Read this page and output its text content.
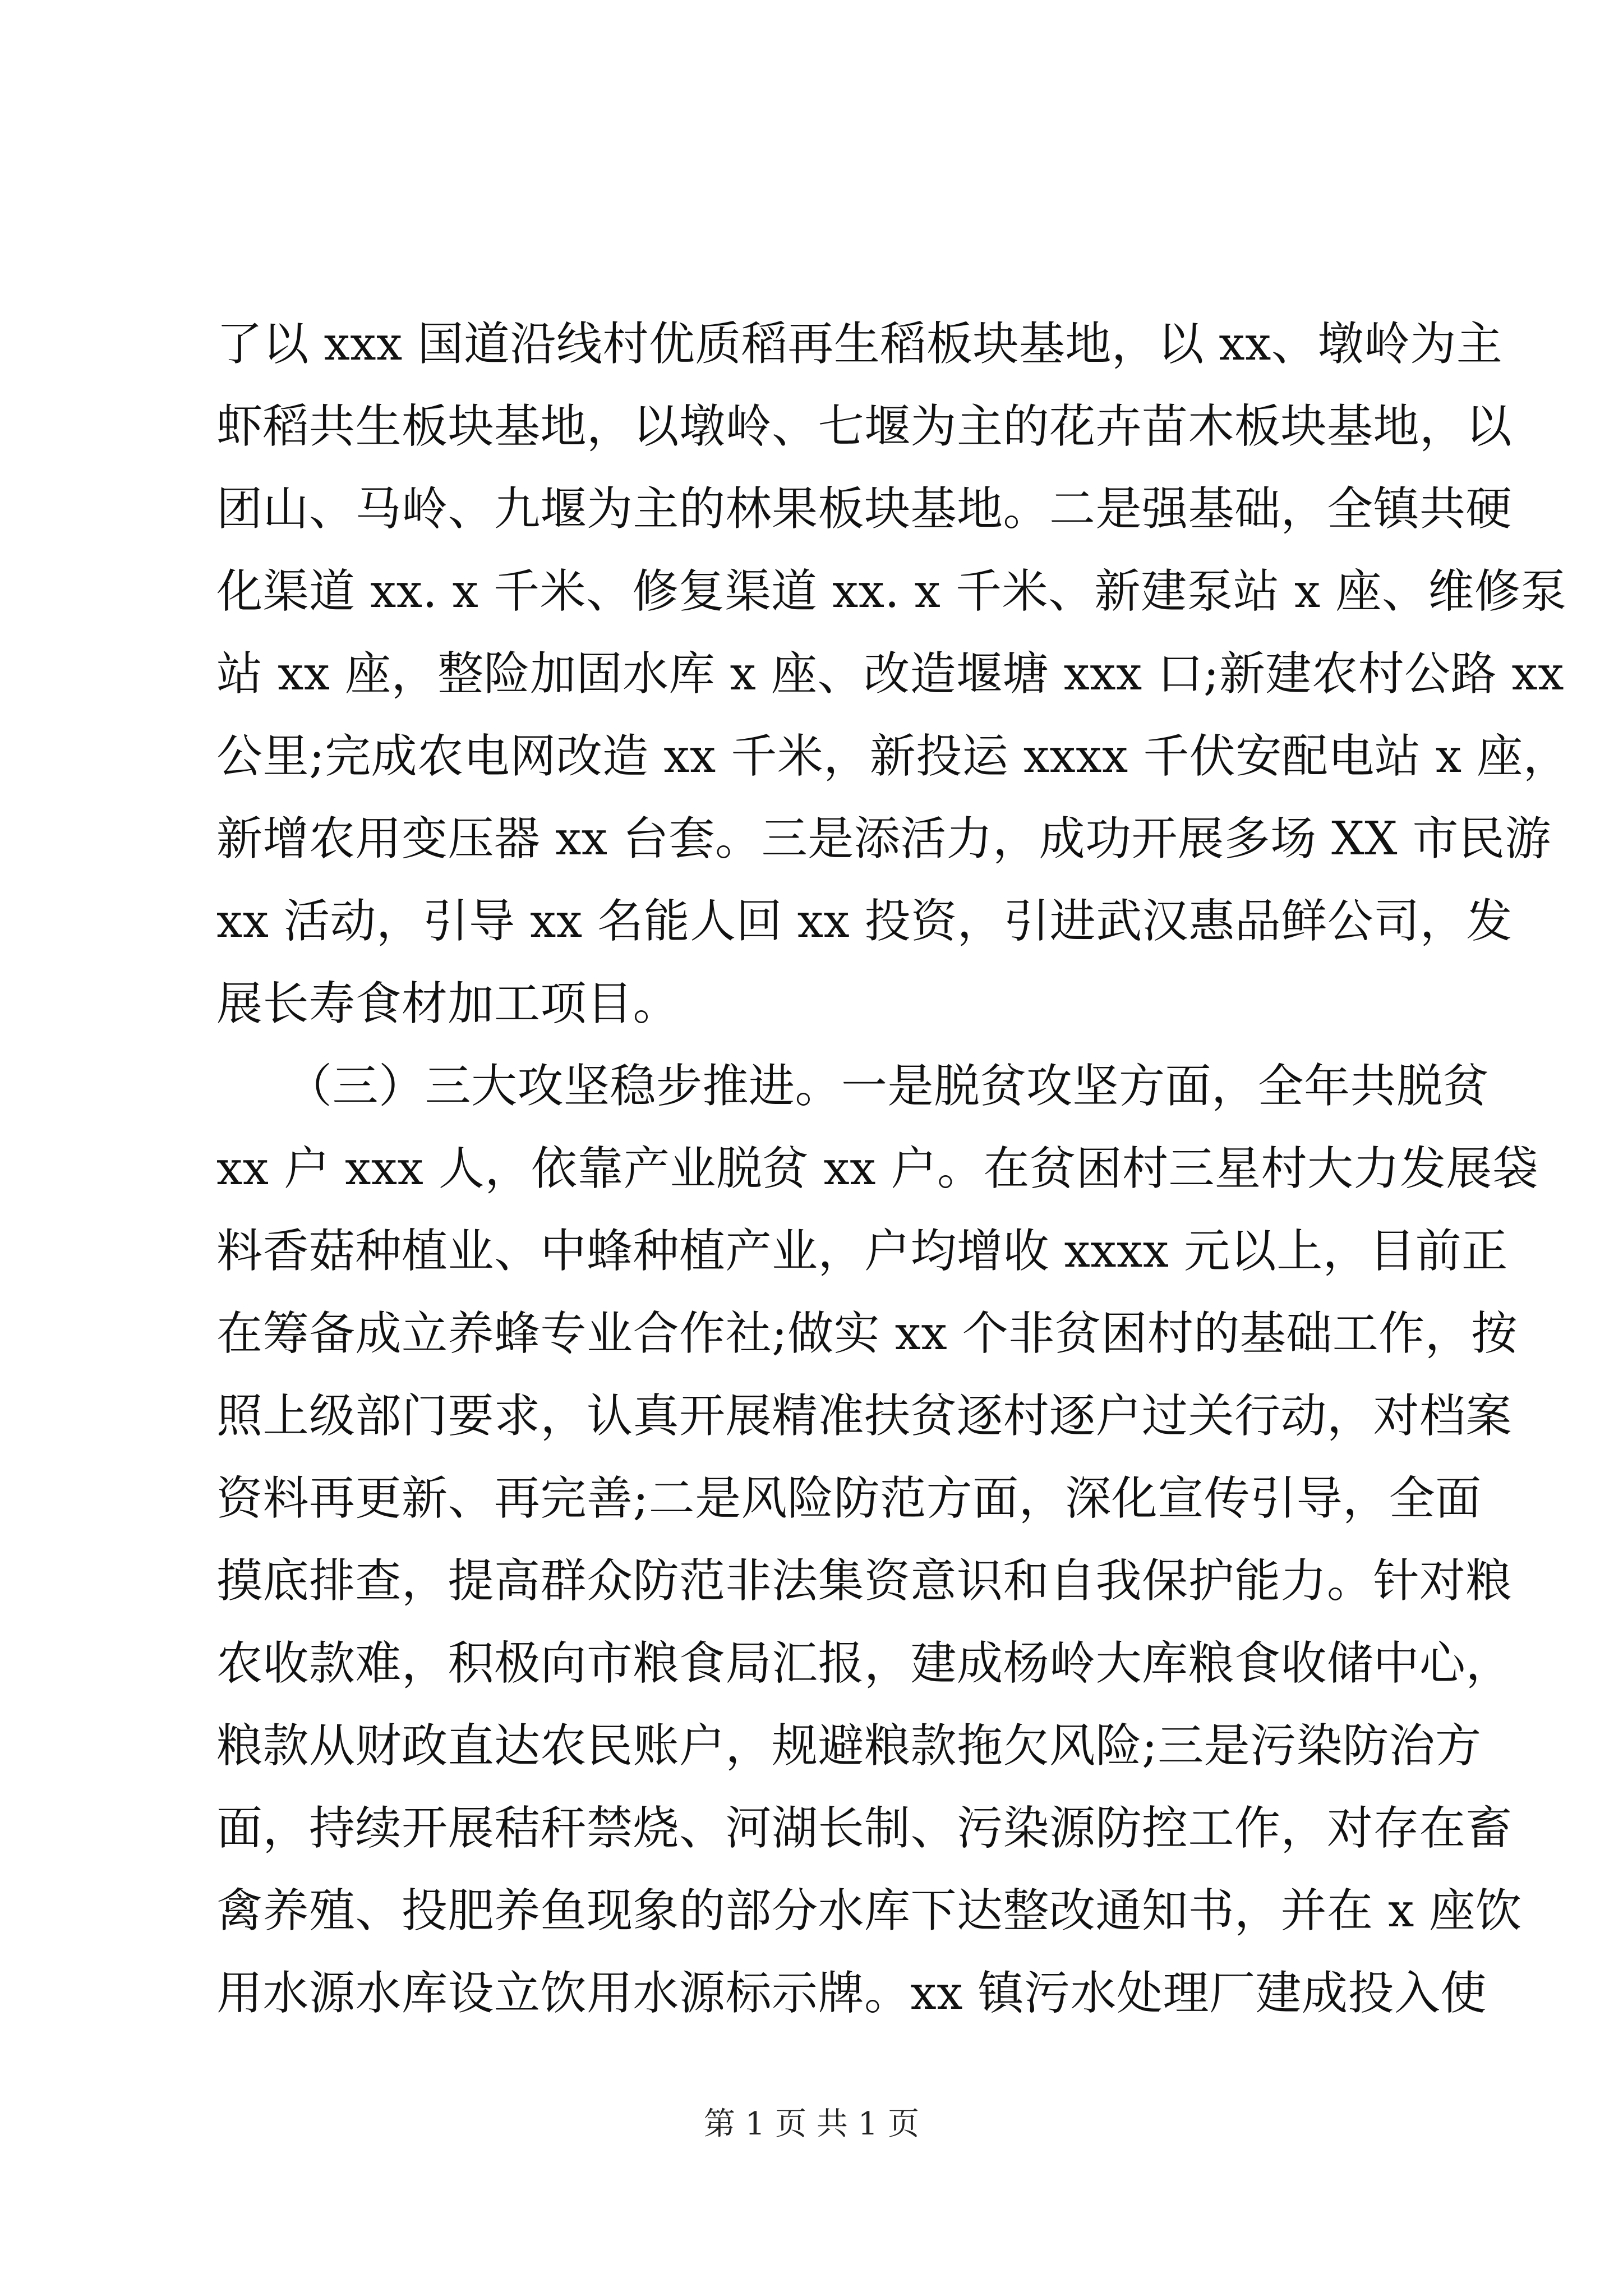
了以 xxx 国道沿线村优质稻再生稻板块基地，以 xx、墩岭为主
虾稻共生板块基地，以墩岭、七堰为主的花卉苗木板块基地，以
团山、马岭、九堰为主的林果板块基地。二是强基础，全镇共硬
化渠道 xx. x 千米、修复渠道 xx. x 千米、新建泵站 x 座、维修泵
站 xx 座，整险加固水库 x 座、改造堰塘 xxx 口;新建农村公路 xx
公里;完成农电网改造 xx 千米，新投运 xxxx 千伏安配电站 x 座，
新增农用变压器 xx 台套。三是添活力，成功开展多场 XX 市民游
xx 活动，引导 xx 名能人回 xx 投资，引进武汉惠品鲜公司，发
展长寿食材加工项目。
　　（三）三大攻坚稳步推进。一是脱贫攻坚方面，全年共脱贫
xx 户 xxx 人，依靠产业脱贫 xx 户。在贫困村三星村大力发展袋
料香菇种植业、中蜂种植产业，户均增收 xxxx 元以上，目前正
在筹备成立养蜂专业合作社;做实 xx 个非贫困村的基础工作，按
照上级部门要求，认真开展精准扶贫逐村逐户过关行动，对档案
资料再更新、再完善;二是风险防范方面，深化宣传引导，全面
摸底排查，提高群众防范非法集资意识和自我保护能力。针对粮
农收款难，积极向市粮食局汇报，建成杨岭大库粮食收储中心，
粮款从财政直达农民账户，规避粮款拖欠风险;三是污染防治方
面，持续开展秸秆禁烧、河湖长制、污染源防控工作，对存在畜
禽养殖、投肥养鱼现象的部分水库下达整改通知书，并在 x 座饮
用水源水库设立饮用水源标示牌。xx 镇污水处理厂建成投入使
第 1 页 共 1 页
